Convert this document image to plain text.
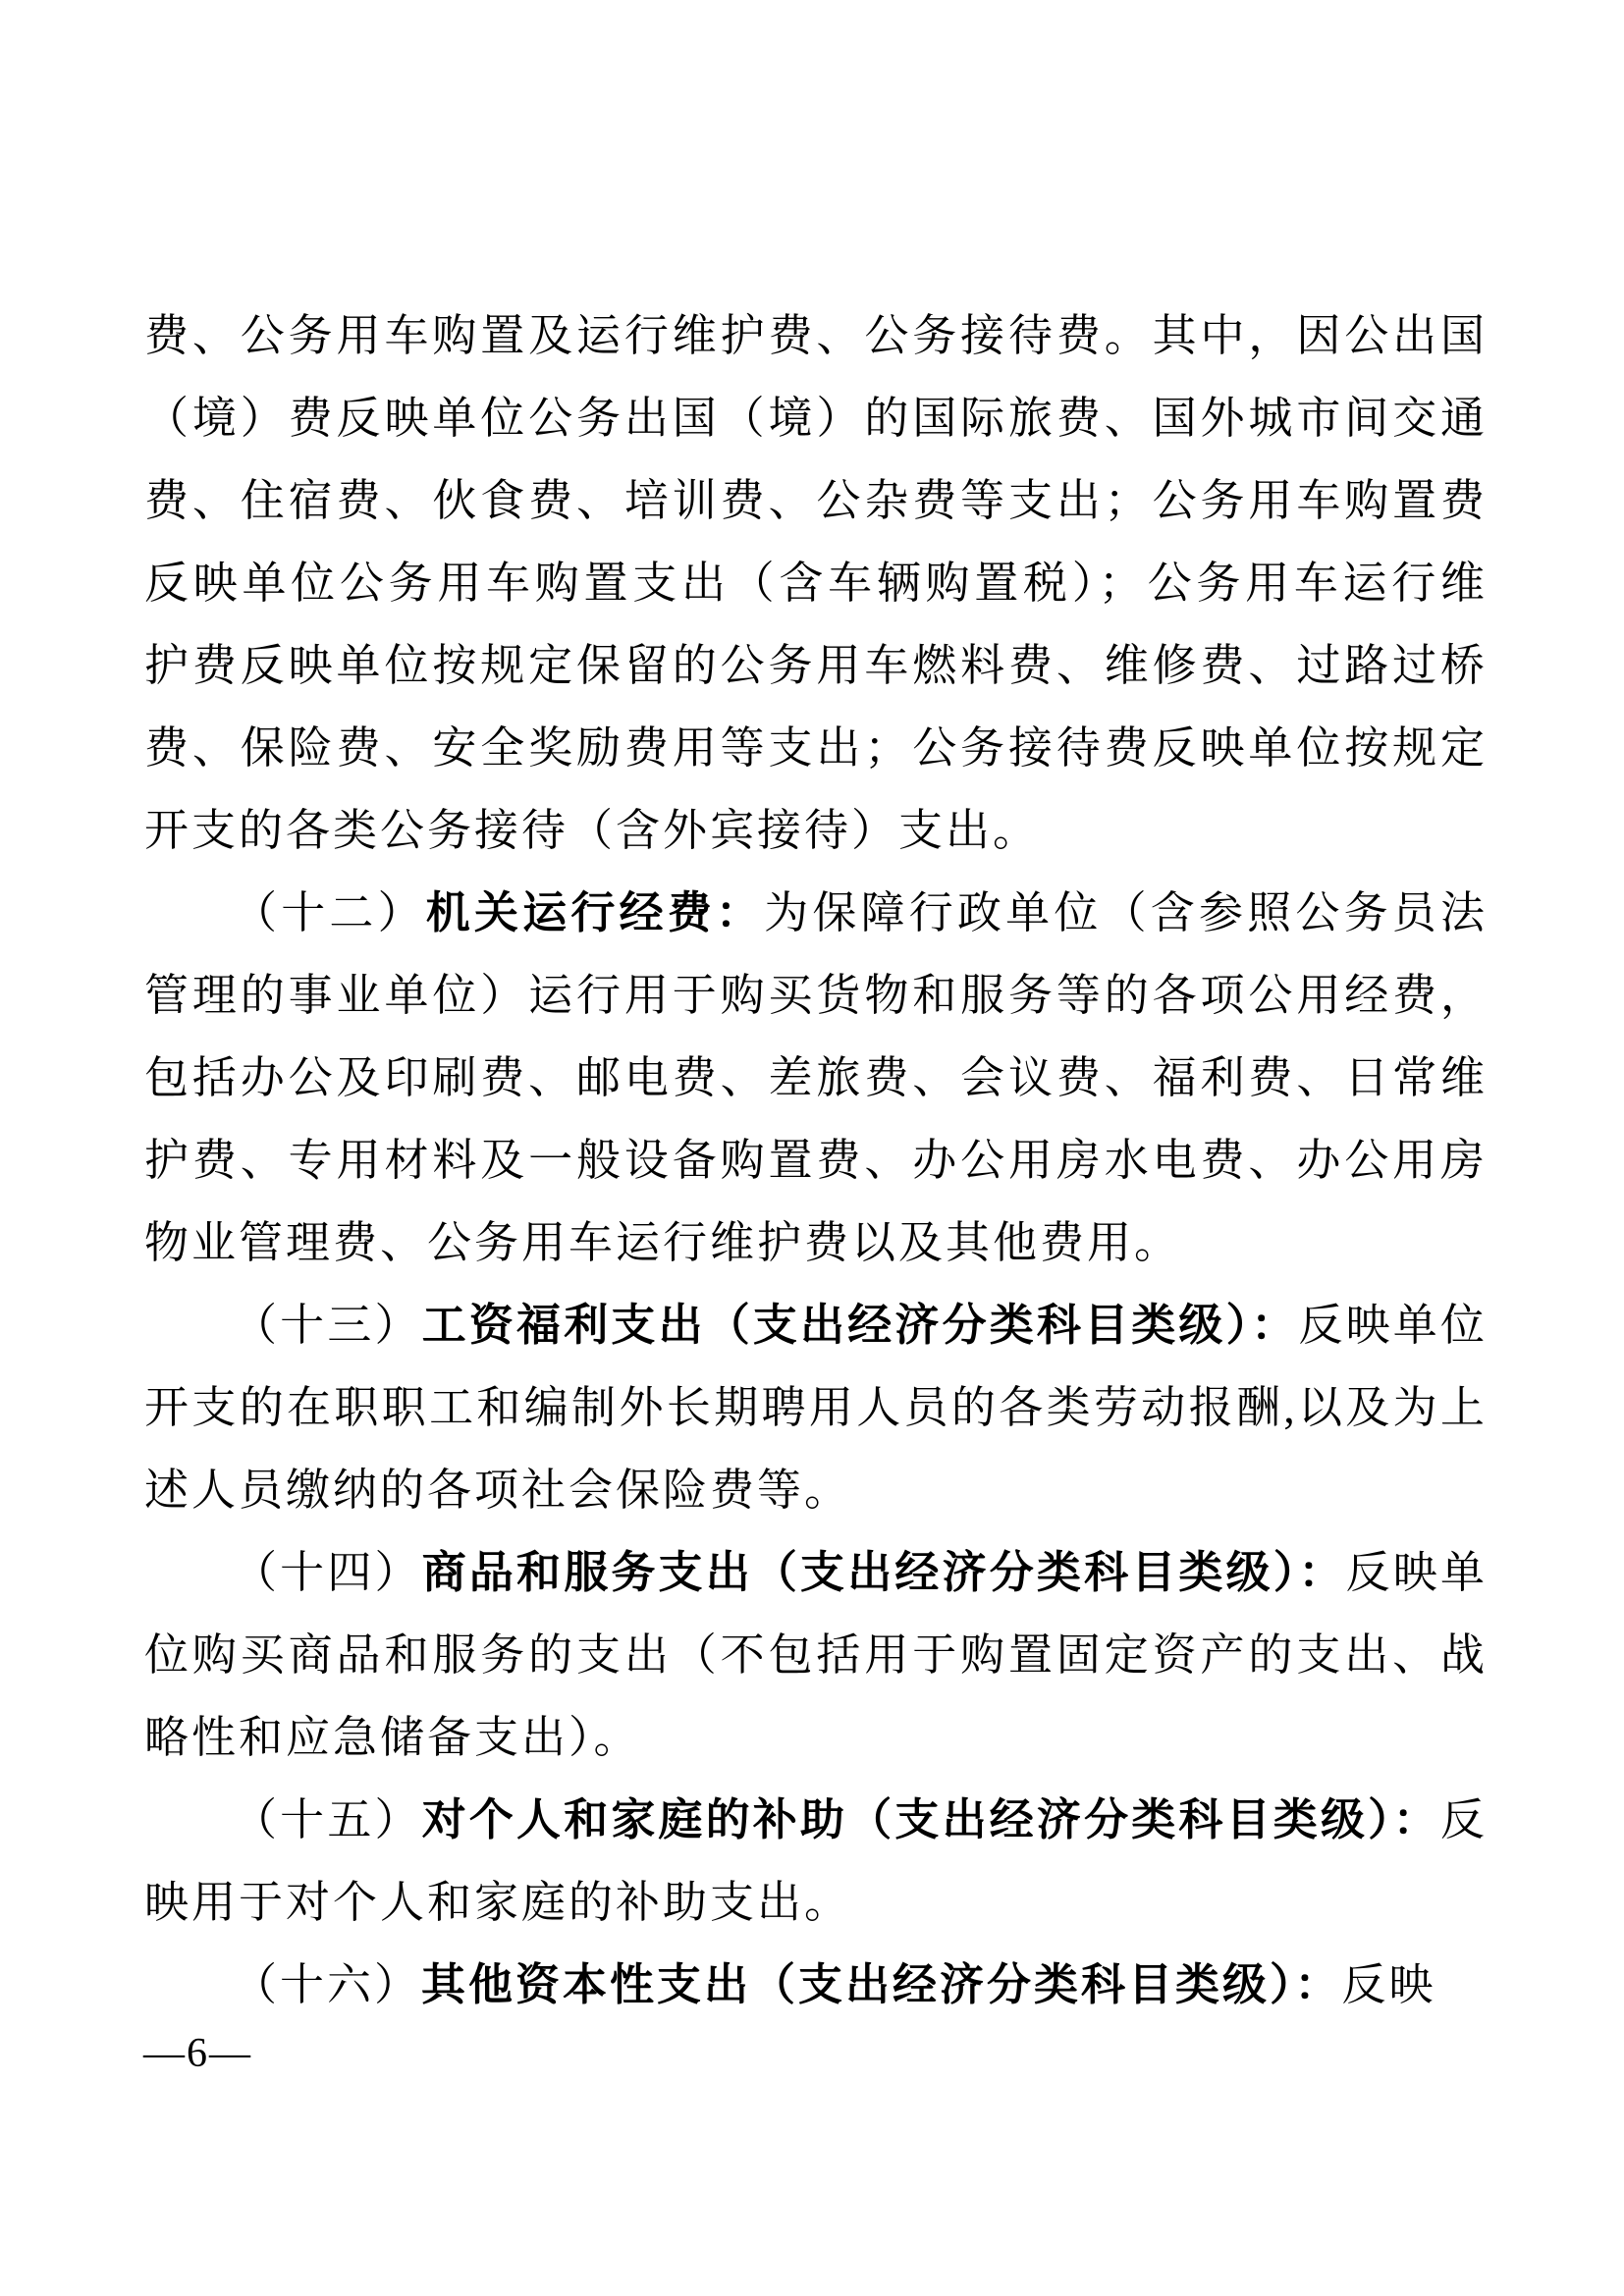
费、公务用车购置及运行维护费、公务接待费。其中，因公出国（境）费反映单位公务出国（境）的国际旅费、国外城市间交通费、住宿费、伙食费、培训费、公杂费等支出；公务用车购置费反映单位公务用车购置支出（含车辆购置税）；公务用车运行维护费反映单位按规定保留的公务用车燃料费、维修费、过路过桥费、保险费、安全奖励费用等支出；公务接待费反映单位按规定开支的各类公务接待（含外宾接待）支出。

（十二）机关运行经费：为保障行政单位（含参照公务员法管理的事业单位）运行用于购买货物和服务等的各项公用经费，包括办公及印刷费、邮电费、差旅费、会议费、福利费、日常维护费、专用材料及一般设备购置费、办公用房水电费、办公用房物业管理费、公务用车运行维护费以及其他费用。

（十三）工资福利支出（支出经济分类科目类级）：反映单位开支的在职职工和编制外长期聘用人员的各类劳动报酬,以及为上述人员缴纳的各项社会保险费等。

（十四）商品和服务支出（支出经济分类科目类级）：反映单位购买商品和服务的支出（不包括用于购置固定资产的支出、战略性和应急储备支出）。

（十五）对个人和家庭的补助（支出经济分类科目类级）：反映用于对个人和家庭的补助支出。

（十六）其他资本性支出（支出经济分类科目类级）：反映

—6—
